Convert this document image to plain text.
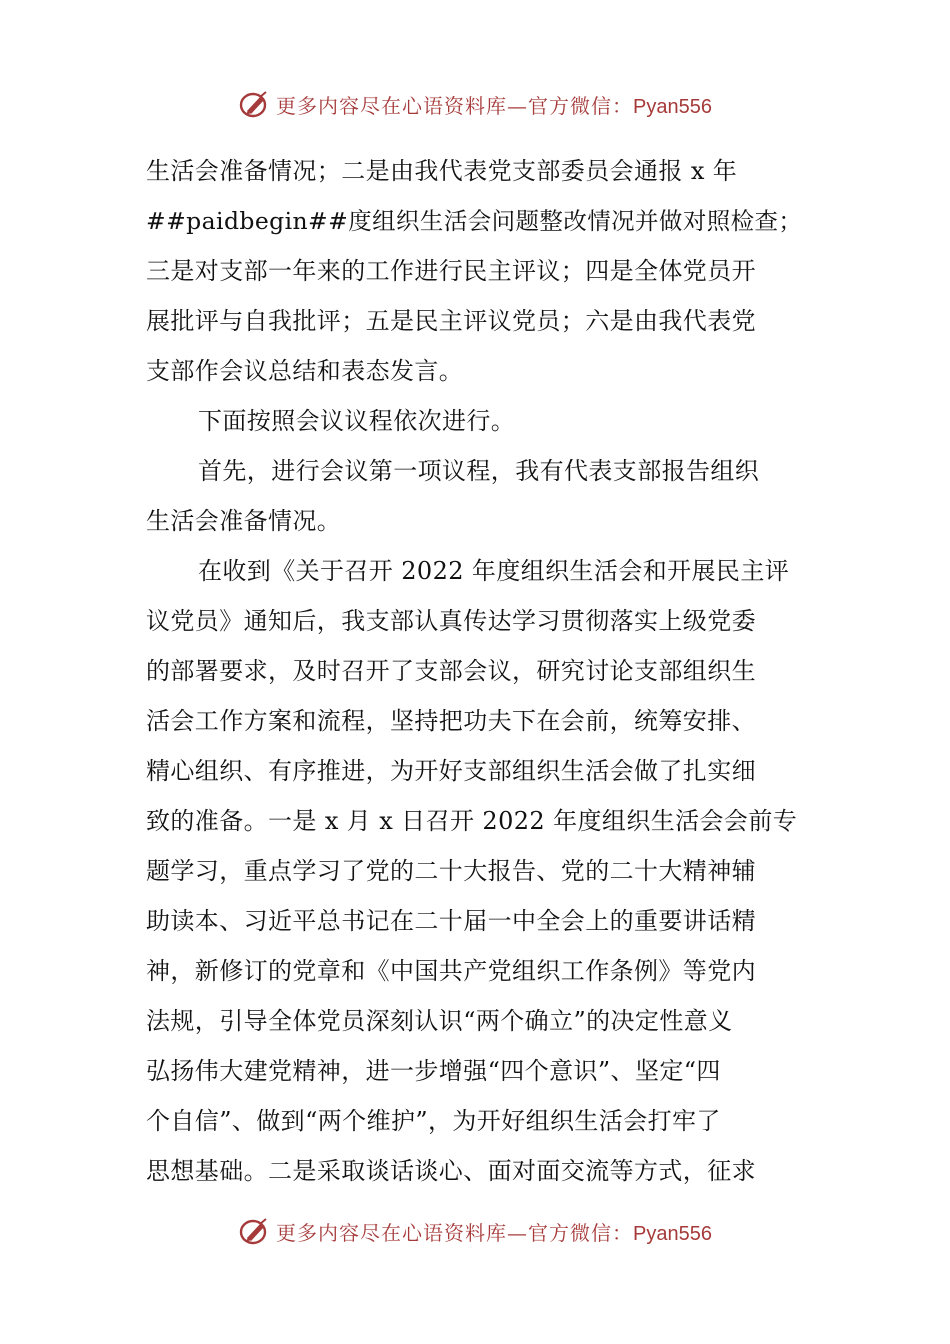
更多内容尽在心语资料库—官方微信：Pyan556
生活会准备情况；二是由我代表党支部委员会通报 x 年
##paidbegin##度组织生活会问题整改情况并做对照检查；
三是对支部一年来的工作进行民主评议；四是全体党员开
展批评与自我批评；五是民主评议党员；六是由我代表党
支部作会议总结和表态发言。
下面按照会议议程依次进行。
首先，进行会议第一项议程，我有代表支部报告组织
生活会准备情况。
在收到《关于召开 2022 年度组织生活会和开展民主评
议党员》通知后，我支部认真传达学习贯彻落实上级党委
的部署要求，及时召开了支部会议，研究讨论支部组织生
活会工作方案和流程，坚持把功夫下在会前，统筹安排、
精心组织、有序推进，为开好支部组织生活会做了扎实细
致的准备。一是 x 月 x 日召开 2022 年度组织生活会会前专
题学习，重点学习了党的二十大报告、党的二十大精神辅
助读本、习近平总书记在二十届一中全会上的重要讲话精
神，新修订的党章和《中国共产党组织工作条例》等党内
法规，引导全体党员深刻认识“两个确立”的决定性意义
弘扬伟大建党精神，进一步增强“四个意识”、坚定“四
个自信”、做到“两个维护”，为开好组织生活会打牢了
思想基础。二是采取谈话谈心、面对面交流等方式，征求
更多内容尽在心语资料库—官方微信：Pyan556
